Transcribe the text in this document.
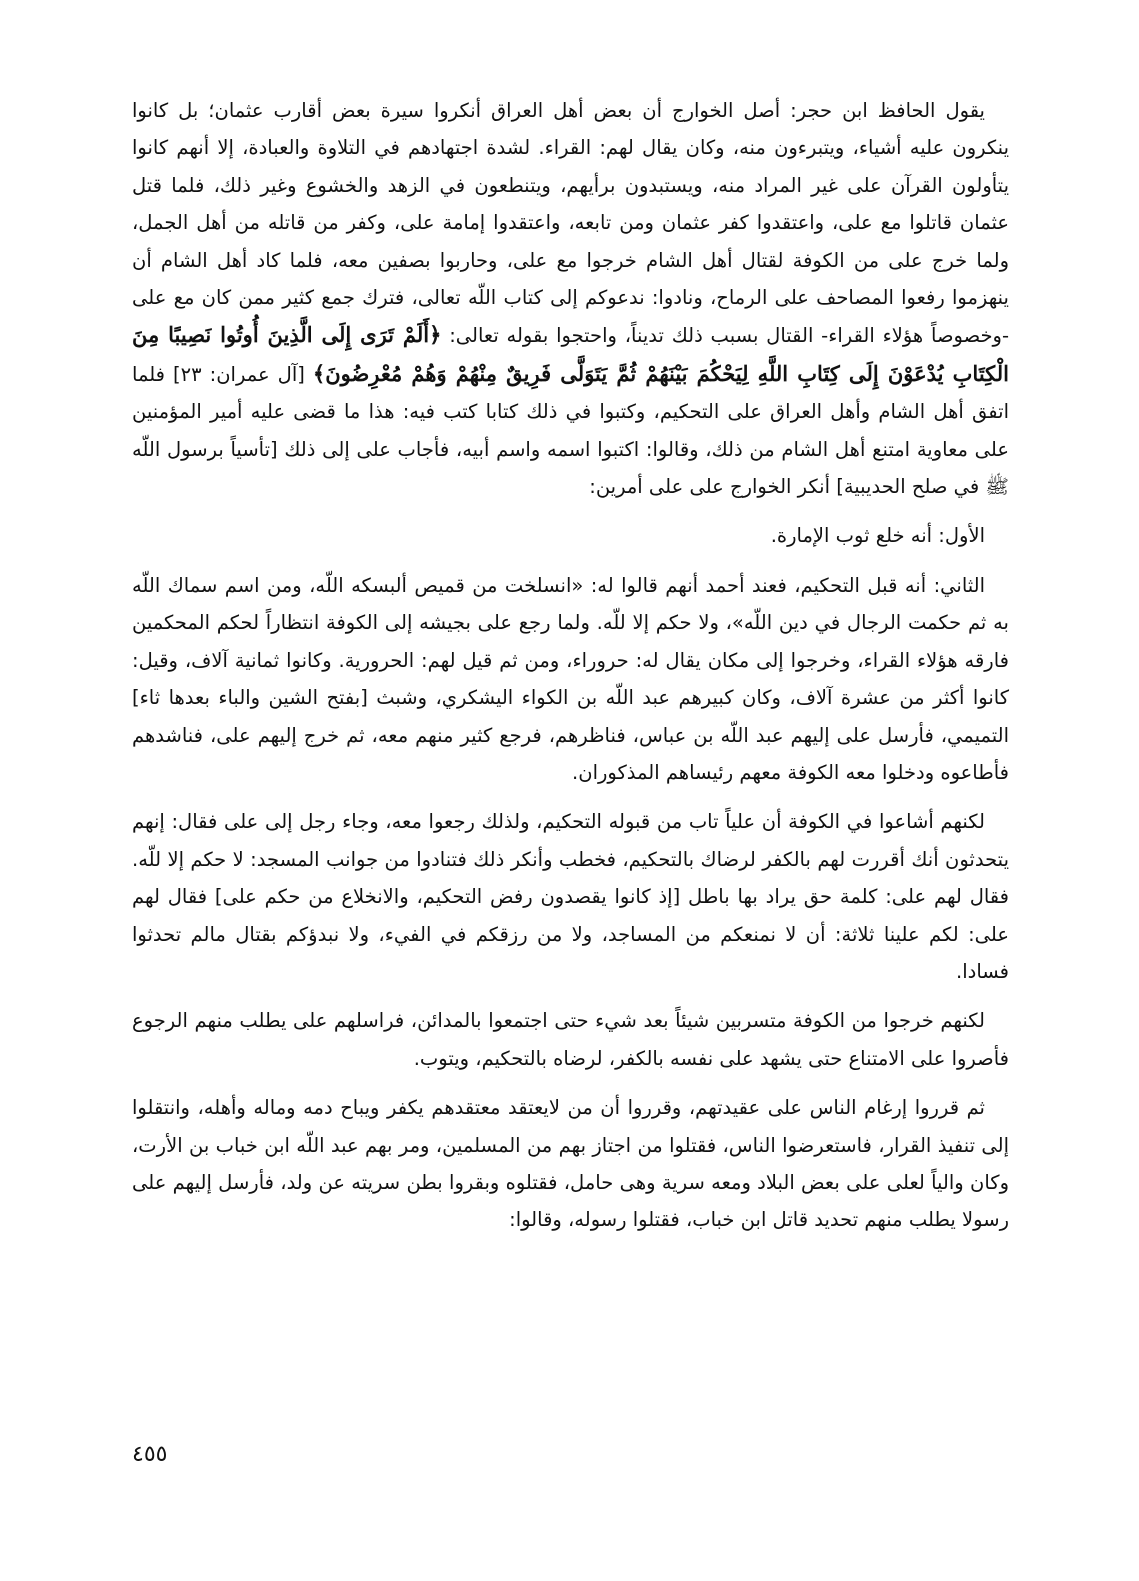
يقول الحافظ ابن حجر: أصل الخوارج أن بعض أهل العراق أنكروا سيرة بعض أقارب عثمان؛ بل كانوا ينكرون عليه أشياء، ويتبرءون منه، وكان يقال لهم: القراء. لشدة اجتهادهم في التلاوة والعبادة، إلا أنهم كانوا يتأولون القرآن على غير المراد منه، ويستبدون برأيهم، ويتنطعون في الزهد والخشوع وغير ذلك، فلما قتل عثمان قاتلوا مع على، واعتقدوا كفر عثمان ومن تابعه، واعتقدوا إمامة على، وكفر من قاتله من أهل الجمل، ولما خرج على من الكوفة لقتال أهل الشام خرجوا مع على، وحاربوا بصفين معه، فلما كاد أهل الشام أن ينهزموا رفعوا المصاحف على الرماح، ونادوا: ندعوكم إلى كتاب اللّه تعالى، فترك جمع كثير ممن كان مع على -وخصوصاً هؤلاء القراء- القتال بسبب ذلك تديناً، واحتجوا بقوله تعالى: ﴿أَلَمْ تَرَى إِلَى الَّذِينَ أُوتُوا نَصِيبًا مِنَ الْكِتَابِ يُدْعَوْنَ إِلَى كِتَابِ اللَّهِ لِيَحْكُمَ بَيْنَهُمْ ثُمَّ يَتَوَلَّى فَرِيقٌ مِنْهُمْ وَهُمْ مُعْرِضُونَ﴾ [آل عمران: ٢٣] فلما اتفق أهل الشام وأهل العراق على التحكيم، وكتبوا في ذلك كتابا كتب فيه: هذا ما قضى عليه أمير المؤمنين على معاوية امتنع أهل الشام من ذلك، وقالوا: اكتبوا اسمه واسم أبيه، فأجاب على إلى ذلك [تأسياً برسول اللّه ﷺ في صلح الحديبية] أنكر الخوارج على على أمرين:

الأول: أنه خلع ثوب الإمارة.

الثاني: أنه قبل التحكيم، فعند أحمد أنهم قالوا له: «انسلخت من قميص ألبسكه اللّه، ومن اسم سماك اللّه به ثم حكمت الرجال في دين اللّه»، ولا حكم إلا للّه. ولما رجع على بجيشه إلى الكوفة انتظاراً لحكم المحكمين فارقه هؤلاء القراء، وخرجوا إلى مكان يقال له: حروراء، ومن ثم قيل لهم: الحرورية. وكانوا ثمانية آلاف، وقيل: كانوا أكثر من عشرة آلاف، وكان كبيرهم عبد اللّه بن الكواء اليشكري، وشبث [بفتح الشين والباء بعدها ثاء] التميمي، فأرسل على إليهم عبد اللّه بن عباس، فناظرهم، فرجع كثير منهم معه، ثم خرج إليهم على، فناشدهم فأطاعوه ودخلوا معه الكوفة معهم رئيساهم المذكوران.

لكنهم أشاعوا في الكوفة أن علياً تاب من قبوله التحكيم، ولذلك رجعوا معه، وجاء رجل إلى على فقال: إنهم يتحدثون أنك أقررت لهم بالكفر لرضاك بالتحكيم، فخطب وأنكر ذلك فتنادوا من جوانب المسجد: لا حكم إلا للّه. فقال لهم على: كلمة حق يراد بها باطل [إذ كانوا يقصدون رفض التحكيم، والانخلاع من حكم على] فقال لهم على: لكم علينا ثلاثة: أن لا نمنعكم من المساجد، ولا من رزقكم في الفيء، ولا نبدؤكم بقتال مالم تحدثوا فسادا.

لكنهم خرجوا من الكوفة متسربين شيئاً بعد شيء حتى اجتمعوا بالمدائن، فراسلهم على يطلب منهم الرجوع فأصروا على الامتناع حتى يشهد على نفسه بالكفر، لرضاه بالتحكيم، ويتوب.

ثم قرروا إرغام الناس على عقيدتهم، وقرروا أن من لايعتقد معتقدهم يكفر ويباح دمه وماله وأهله، وانتقلوا إلى تنفيذ القرار، فاستعرضوا الناس، فقتلوا من اجتاز بهم من المسلمين، ومر بهم عبد اللّه ابن خباب بن الأرت، وكان والياً لعلى على بعض البلاد ومعه سرية وهى حامل، فقتلوه وبقروا بطن سريته عن ولد، فأرسل إليهم على رسولا يطلب منهم تحديد قاتل ابن خباب، فقتلوا رسوله، وقالوا:

٤٥٥
